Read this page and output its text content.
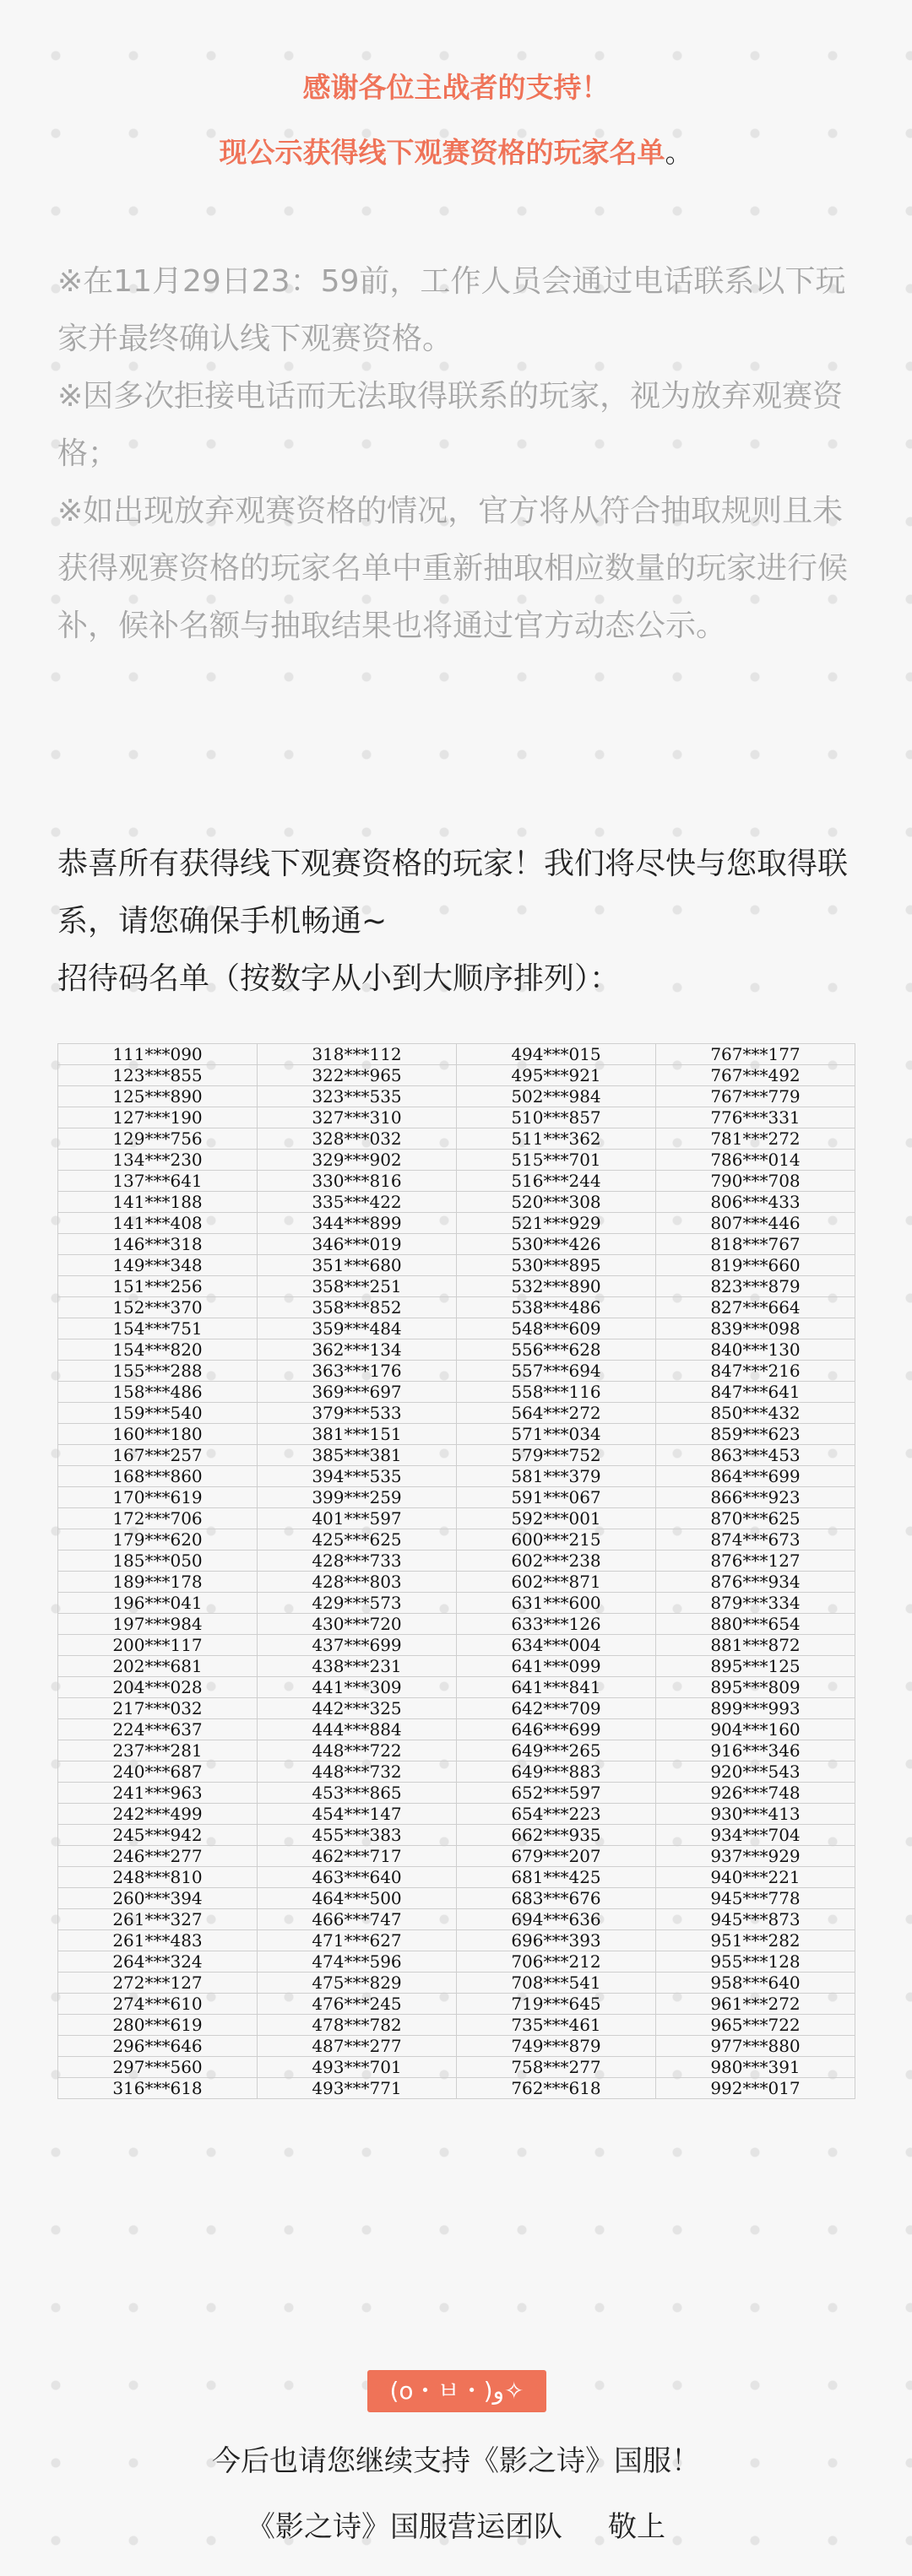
感谢各位主战者的支持！
现公示获得线下观赛资格的玩家名单。

※在11月29日23：59前，工作人员会通过电话联系以下玩家并最终确认线下观赛资格。

※因多次拒接电话而无法取得联系的玩家，视为放弃观赛资格；

※如出现放弃观赛资格的情况，官方将从符合抽取规则且未获得观赛资格的玩家名单中重新抽取相应数量的玩家进行候补，候补名额与抽取结果也将通过官方动态公示。

恭喜所有获得线下观赛资格的玩家！我们将尽快与您取得联系，请您确保手机畅通~

招待码名单（按数字从小到大顺序排列）：

111***090	318***112	494***015	767***177
123***855	322***965	495***921	767***492
125***890	323***535	502***984	767***779
127***190	327***310	510***857	776***331
129***756	328***032	511***362	781***272
134***230	329***902	515***701	786***014
137***641	330***816	516***244	790***708
141***188	335***422	520***308	806***433
141***408	344***899	521***929	807***446
146***318	346***019	530***426	818***767
149***348	351***680	530***895	819***660
151***256	358***251	532***890	823***879
152***370	358***852	538***486	827***664
154***751	359***484	548***609	839***098
154***820	362***134	556***628	840***130
155***288	363***176	557***694	847***216
158***486	369***697	558***116	847***641
159***540	379***533	564***272	850***432
160***180	381***151	571***034	859***623
167***257	385***381	579***752	863***453
168***860	394***535	581***379	864***699
170***619	399***259	591***067	866***923
172***706	401***597	592***001	870***625
179***620	425***625	600***215	874***673
185***050	428***733	602***238	876***127
189***178	428***803	602***871	876***934
196***041	429***573	631***600	879***334
197***984	430***720	633***126	880***654
200***117	437***699	634***004	881***872
202***681	438***231	641***099	895***125
204***028	441***309	641***841	895***809
217***032	442***325	642***709	899***993
224***637	444***884	646***699	904***160
237***281	448***722	649***265	916***346
240***687	448***732	649***883	920***543
241***963	453***865	652***597	926***748
242***499	454***147	654***223	930***413
245***942	455***383	662***935	934***704
246***277	462***717	679***207	937***929
248***810	463***640	681***425	940***221
260***394	464***500	683***676	945***778
261***327	466***747	694***636	945***873
261***483	471***627	696***393	951***282
264***324	474***596	706***212	955***128
272***127	475***829	708***541	958***640
274***610	476***245	719***645	961***272
280***619	478***782	735***461	965***722
296***646	487***277	749***879	977***880
297***560	493***701	758***277	980***391
316***618	493***771	762***618	992***017
(o・ㅂ・)و✧
今后也请您继续支持《影之诗》国服！
《影之诗》国服营运团队 敬上
